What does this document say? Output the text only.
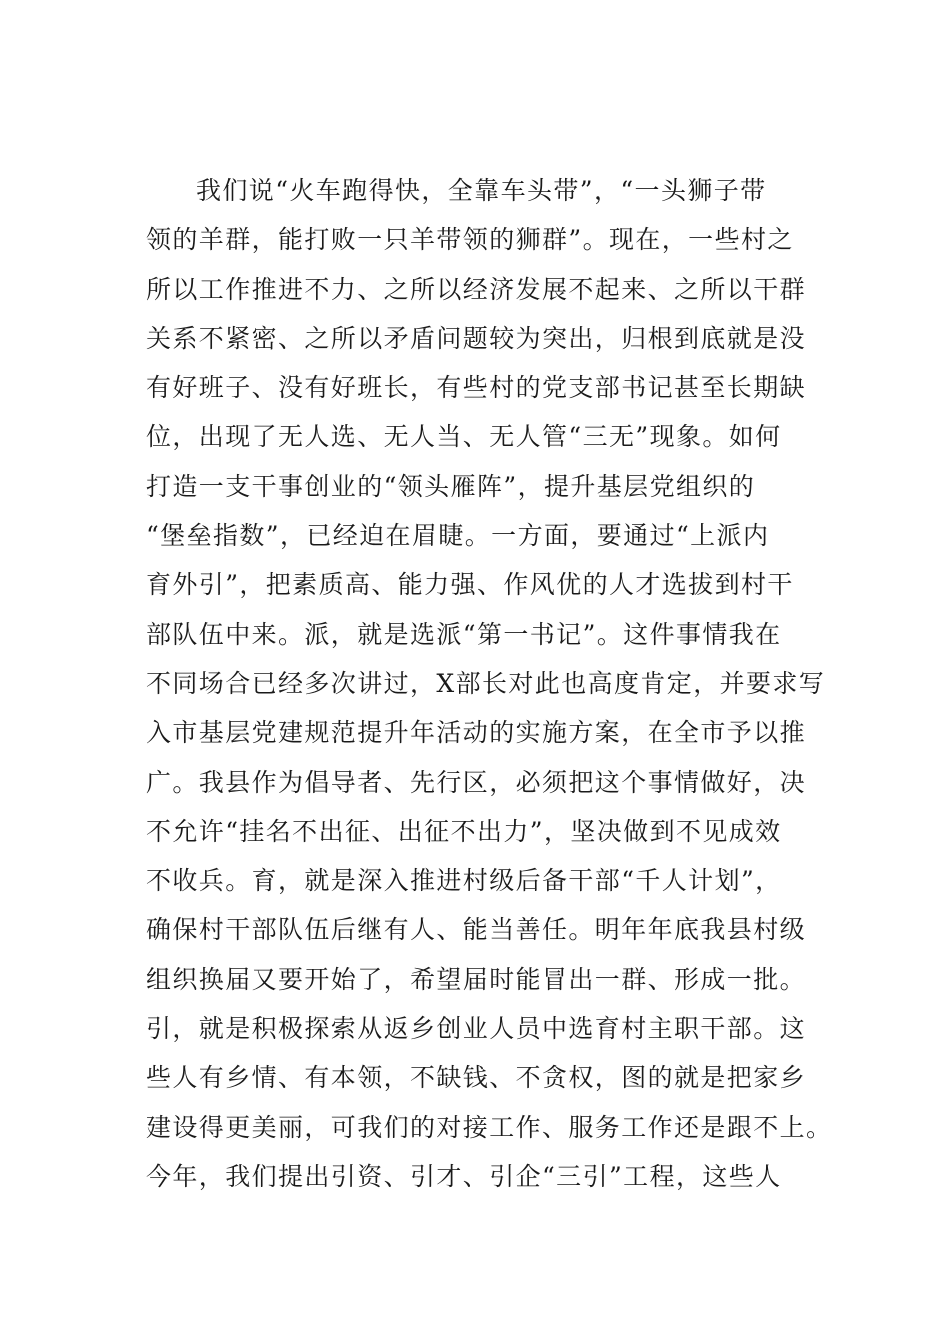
我们说“火车跑得快，全靠车头带”，“一头狮子带
领的羊群，能打败一只羊带领的狮群”。现在，一些村之
所以工作推进不力、之所以经济发展不起来、之所以干群
关系不紧密、之所以矛盾问题较为突出，归根到底就是没
有好班子、没有好班长，有些村的党支部书记甚至长期缺
位，出现了无人选、无人当、无人管“三无”现象。如何
打造一支干事创业的“领头雁阵”，提升基层党组织的
“堡垒指数”，已经迫在眉睫。一方面，要通过“上派内
育外引”，把素质高、能力强、作风优的人才选拔到村干
部队伍中来。派，就是选派“第一书记”。这件事情我在
不同场合已经多次讲过，X部长对此也高度肯定，并要求写
入市基层党建规范提升年活动的实施方案，在全市予以推
广。我县作为倡导者、先行区，必须把这个事情做好，决
不允许“挂名不出征、出征不出力”，坚决做到不见成效
不收兵。育，就是深入推进村级后备干部“千人计划”，
确保村干部队伍后继有人、能当善任。明年年底我县村级
组织换届又要开始了，希望届时能冒出一群、形成一批。
引，就是积极探索从返乡创业人员中选育村主职干部。这
些人有乡情、有本领，不缺钱、不贪权，图的就是把家乡
建设得更美丽，可我们的对接工作、服务工作还是跟不上。
今年，我们提出引资、引才、引企“三引”工程，这些人
